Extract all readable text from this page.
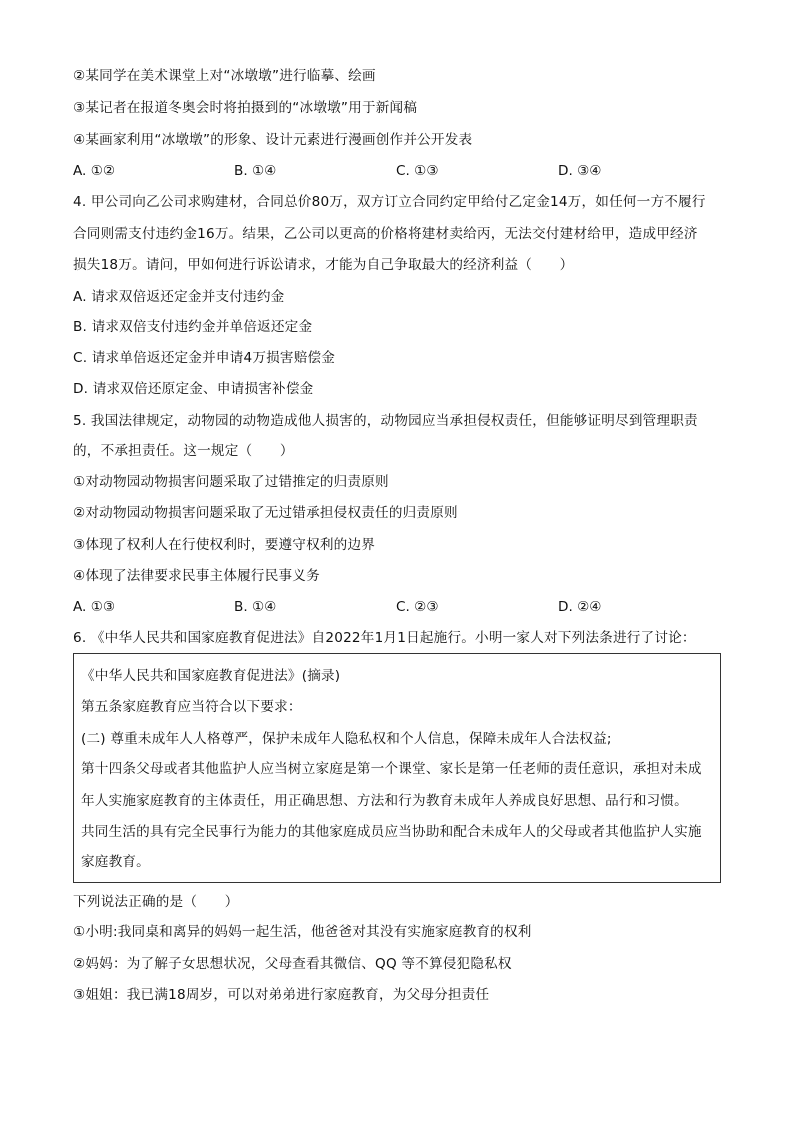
②某同学在美术课堂上对“冰墩墩”进行临摹、绘画
③某记者在报道冬奥会时将拍摄到的“冰墩墩”用于新闻稿
④某画家利用“冰墩墩”的形象、设计元素进行漫画创作并公开发表
A. ①②	B. ①④	C. ①③	D. ③④
4. 甲公司向乙公司求购建材，合同总价80万，双方订立合同约定甲给付乙定金14万，如任何一方不履行
合同则需支付违约金16万。结果，乙公司以更高的价格将建材卖给丙，无法交付建材给甲，造成甲经济
损失18万。请问，甲如何进行诉讼请求，才能为自己争取最大的经济利益（　　）
A. 请求双倍返还定金并支付违约金
B. 请求双倍支付违约金并单倍返还定金
C. 请求单倍返还定金并申请4万损害赔偿金
D. 请求双倍还原定金、申请损害补偿金
5. 我国法律规定，动物园的动物造成他人损害的，动物园应当承担侵权责任，但能够证明尽到管理职责
的，不承担责任。这一规定（　　）
①对动物园动物损害问题采取了过错推定的归责原则
②对动物园动物损害问题采取了无过错承担侵权责任的归责原则
③体现了权利人在行使权利时，要遵守权利的边界
④体现了法律要求民事主体履行民事义务
A. ①③	B. ①④	C. ②③	D. ②④
6. 《中华人民共和国家庭教育促进法》自2022年1月1日起施行。小明一家人对下列法条进行了讨论：
《中华人民共和国家庭教育促进法》(摘录)
第五条家庭教育应当符合以下要求：
(二) 尊重未成年人人格尊严，保护未成年人隐私权和个人信息，保障未成年人合法权益;
第十四条父母或者其他监护人应当树立家庭是第一个课堂、家长是第一任老师的责任意识，承担对未成
年人实施家庭教育的主体责任，用正确思想、方法和行为教育未成年人养成良好思想、品行和习惯。
共同生活的具有完全民事行为能力的其他家庭成员应当协助和配合未成年人的父母或者其他监护人实施
家庭教育。
下列说法正确的是（　　）
①小明:我同桌和离异的妈妈一起生活，他爸爸对其没有实施家庭教育的权利
②妈妈：为了解子女思想状况，父母查看其微信、QQ 等不算侵犯隐私权
③姐姐：我已满18周岁，可以对弟弟进行家庭教育，为父母分担责任
